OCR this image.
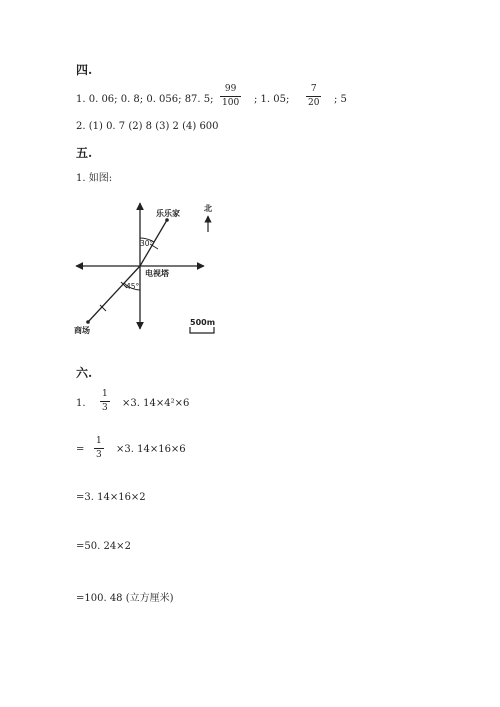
四.
1. 0. 06; 0. 8; 0. 056; 87. 5;
99
100 ; 1. 05;
7
20 ; 5
2. (1) 0. 7 (2) 8 (3) 2 (4) 600
五.
1. 如图:
乐乐家
电视塔
商场
30°
45°
北
500m
六.
1.
1
3 ×3. 14×4²×6
=
1
3 ×3. 14×16×6
=3. 14×16×2
=50. 24×2
=100. 48 (立方厘米)
